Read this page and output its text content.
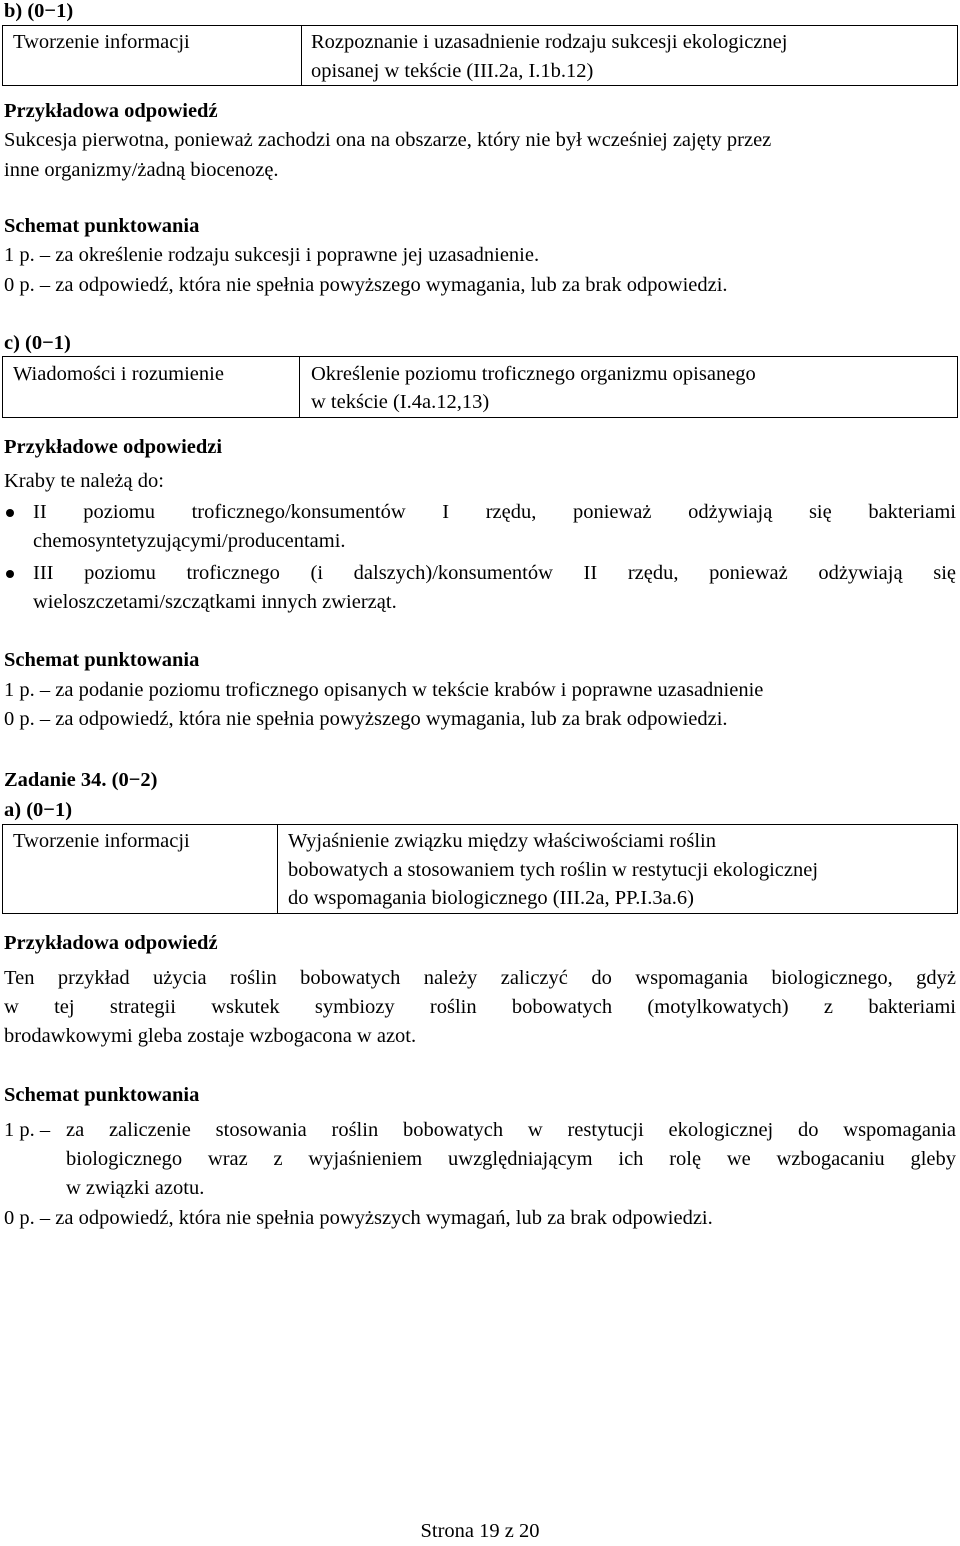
b) (0−1)
Tworzenie informacji	Rozpoznanie i uzasadnienie rodzaju sukcesji ekologicznej
opisanej w tekście (III.2a, I.1b.12)
Przykładowa odpowiedź
Sukcesja pierwotna, ponieważ zachodzi ona na obszarze, który nie był wcześniej zajęty przez
inne organizmy/żadną biocenozę.
Schemat punktowania
1 p. – za określenie rodzaju sukcesji i poprawne jej uzasadnienie.
0 p. – za odpowiedź, która nie spełnia powyższego wymagania, lub za brak odpowiedzi.
c) (0−1)
Wiadomości i rozumienie	Określenie poziomu troficznego organizmu opisanego
w tekście (I.4a.12,13)
Przykładowe odpowiedzi
Kraby te należą do:
II poziomu troficznego/konsumentów I rzędu, ponieważ odżywiają się bakteriami
chemosyntetyzującymi/producentami.
III poziomu troficznego (i dalszych)/konsumentów II rzędu, ponieważ odżywiają się
wieloszczetami/szczątkami innych zwierząt.
Schemat punktowania
1 p. – za podanie poziomu troficznego opisanych w tekście krabów i poprawne uzasadnienie
0 p. – za odpowiedź, która nie spełnia powyższego wymagania, lub za brak odpowiedzi.
Zadanie 34. (0−2)
a) (0−1)
Tworzenie informacji	Wyjaśnienie związku między właściwościami roślin
bobowatych a stosowaniem tych roślin w restytucji ekologicznej
do wspomagania biologicznego (III.2a, PP.I.3a.6)
Przykładowa odpowiedź
Ten przykład użycia roślin bobowatych należy zaliczyć do wspomagania biologicznego, gdyż
w tej strategii wskutek symbiozy roślin bobowatych (motylkowatych) z bakteriami
brodawkowymi gleba zostaje wzbogacona w azot.
Schemat punktowania
1 p. – za zaliczenie stosowania roślin bobowatych w restytucji ekologicznej do wspomagania
biologicznego wraz z wyjaśnieniem uwzględniającym ich rolę we wzbogacaniu gleby
w związki azotu.
0 p. – za odpowiedź, która nie spełnia powyższych wymagań, lub za brak odpowiedzi.
Strona 19 z 20
